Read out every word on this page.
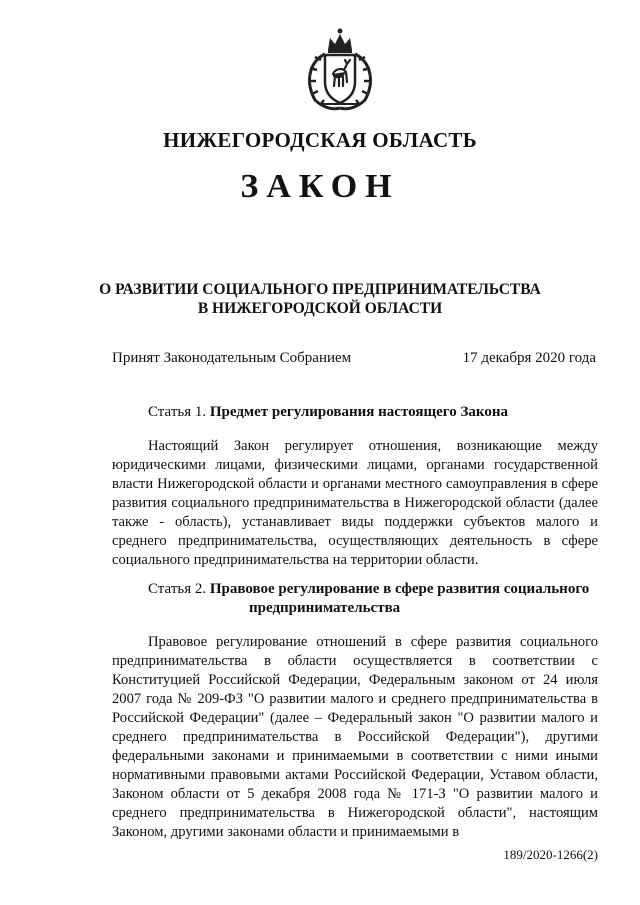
НИЖЕГОРОДСКАЯ ОБЛАСТЬ
ЗАКОН
О РАЗВИТИИ СОЦИАЛЬНОГО ПРЕДПРИНИМАТЕЛЬСТВА
В НИЖЕГОРОДСКОЙ ОБЛАСТИ
Принят Законодательным Собранием	17 декабря 2020 года
Статья 1. Предмет регулирования настоящего Закона
Настоящий Закон регулирует отношения, возникающие между юридическими лицами, физическими лицами, органами государственной власти Нижегородской области и органами местного самоуправления в сфере развития социального предпринимательства в Нижегородской области (далее также - область), устанавливает виды поддержки субъектов малого и среднего предпринимательства, осуществляющих деятельность в сфере социального предпринимательства на территории области.
Статья 2. Правовое регулирование в сфере развития социального
предпринимательства
Правовое регулирование отношений в сфере развития социального предпринимательства в области осуществляется в соответствии с Конституцией Российской Федерации, Федеральным законом от 24 июля 2007 года № 209-ФЗ "О развитии малого и среднего предпринимательства в Российской Федерации" (далее – Федеральный закон "О развитии малого и среднего предпринимательства в Российской Федерации"), другими федеральными законами и принимаемыми в соответствии с ними иными нормативными правовыми актами Российской Федерации, Уставом области, Законом области от 5 декабря 2008 года № 171-З "О развитии малого и среднего предпринимательства в Нижегородской области", настоящим Законом, другими законами области и принимаемыми в
189/2020-1266(2)
